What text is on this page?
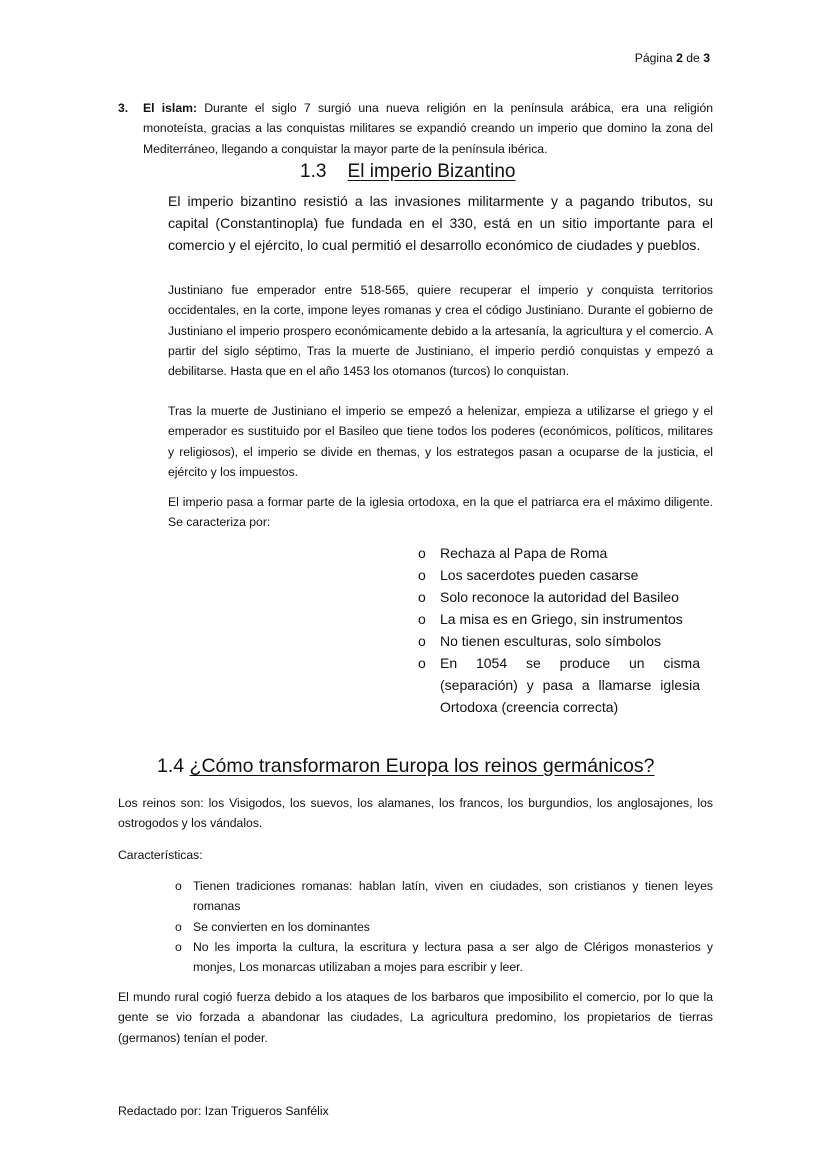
Página 2 de 3
3. El islam: Durante el siglo 7 surgió una nueva religión en la península arábica, era una religión monoteísta, gracias a las conquistas militares se expandió creando un imperio que domino la zona del Mediterráneo, llegando a conquistar la mayor parte de la península ibérica.

1.3 El imperio Bizantino

El imperio bizantino resistió a las invasiones militarmente y a pagando tributos, su capital (Constantinopla) fue fundada en el 330, está en un sitio importante para el comercio y el ejército, lo cual permitió el desarrollo económico de ciudades y pueblos.

Justiniano fue emperador entre 518-565, quiere recuperar el imperio y conquista territorios occidentales, en la corte, impone leyes romanas y crea el código Justiniano. Durante el gobierno de Justiniano el imperio prospero económicamente debido a la artesanía, la agricultura y el comercio. A partir del siglo séptimo, Tras la muerte de Justiniano, el imperio perdió conquistas y empezó a debilitarse. Hasta que en el año 1453 los otomanos (turcos) lo conquistan.

Tras la muerte de Justiniano el imperio se empezó a helenizar, empieza a utilizarse el griego y el emperador es sustituido por el Basileo que tiene todos los poderes (económicos, políticos, militares y religiosos), el imperio se divide en themas, y los estrategos pasan a ocuparse de la justicia, el ejército y los impuestos.

El imperio pasa a formar parte de la iglesia ortodoxa, en la que el patriarca era el máximo diligente. Se caracteriza por:

o Rechaza al Papa de Roma
o Los sacerdotes pueden casarse
o Solo reconoce la autoridad del Basileo
o La misa es en Griego, sin instrumentos
o No tienen esculturas, solo símbolos
o En 1054 se produce un cisma (separación) y pasa a llamarse iglesia Ortodoxa (creencia correcta)
1.4 ¿Cómo transformaron Europa los reinos germánicos?

Los reinos son: los Visigodos, los suevos, los alamanes, los francos, los burgundios, los anglosajones, los ostrogodos y los vándalos.

Características:

o Tienen tradiciones romanas: hablan latín, viven en ciudades, son cristianos y tienen leyes romanas
o Se convierten en los dominantes
o No les importa la cultura, la escritura y lectura pasa a ser algo de Clérigos monasterios y monjes, Los monarcas utilizaban a mojes para escribir y leer.

El mundo rural cogió fuerza debido a los ataques de los barbaros que imposibilito el comercio, por lo que la gente se vio forzada a abandonar las ciudades, La agricultura predomino, los propietarios de tierras (germanos) tenían el poder.

Redactado por: Izan Trigueros Sanfélix
